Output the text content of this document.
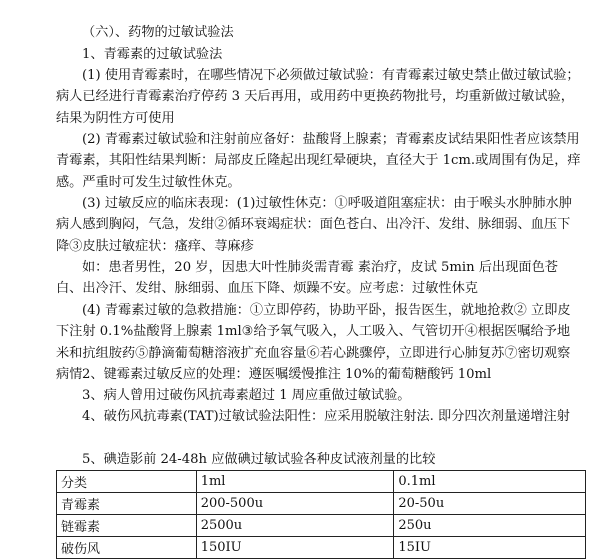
（六）、药物的过敏试验法

1、青霉素的过敏试验法

(1) 使用青霉素时，在哪些情况下必须做过敏试验：有青霉素过敏史禁止做过敏试验；病人已经进行青霉素治疗停药 3 天后再用，或用药中更换药物批号，均重新做过敏试验，结果为阴性方可使用

(2) 青霉素过敏试验和注射前应备好：盐酸肾上腺素；青霉素皮试结果阳性者应该禁用青霉素，其阳性结果判断：局部皮丘隆起出现红晕硬块，直径大于 1cm.或周围有伪足，痒感。严重时可发生过敏性休克。

(3) 过敏反应的临床表现：(1)过敏性休克：①呼吸道阻塞症状：由于喉头水肿肺水肿病人感到胸闷，气急，发绀②循环衰竭症状：面色苍白、出冷汗、发绀、脉细弱、血压下降③皮肤过敏症状：瘙痒、荨麻疹

如：患者男性，20 岁，因患大叶性肺炎需青霉 素治疗，皮试 5min 后出现面色苍白、出冷汗、发绀、脉细弱、血压下降、烦躁不安。应考虑：过敏性休克

(4) 青霉素过敏的急救措施：①立即停药，协助平卧，报告医生，就地抢救② 立即皮下注射 0.1%盐酸肾上腺素 1ml③给予氧气吸入，人工吸入、气管切开④根据医嘱给予地米和抗组胺药⑤静滴葡萄糖溶液扩充血容量⑥若心跳骤停，立即进行心肺复苏⑦密切观察病情 2、键霉素过敏反应的处理：遵医嘱缓慢推注 10%的葡萄糖酸钙 10ml

3、病人曾用过破伤风抗毒素超过 1 周应重做过敏试验。

4、破伤风抗毒素(TAT)过敏试验法阳性：应采用脱敏注射法. 即分四次剂量递增注射

分类	1ml	0.1ml
青霉素	200-500u	20-50u
链霉素	2500u	250u
破伤风	150IU	15IU

5、碘造影前 24-48h 应做碘过敏试验各种皮试液剂量的比较
